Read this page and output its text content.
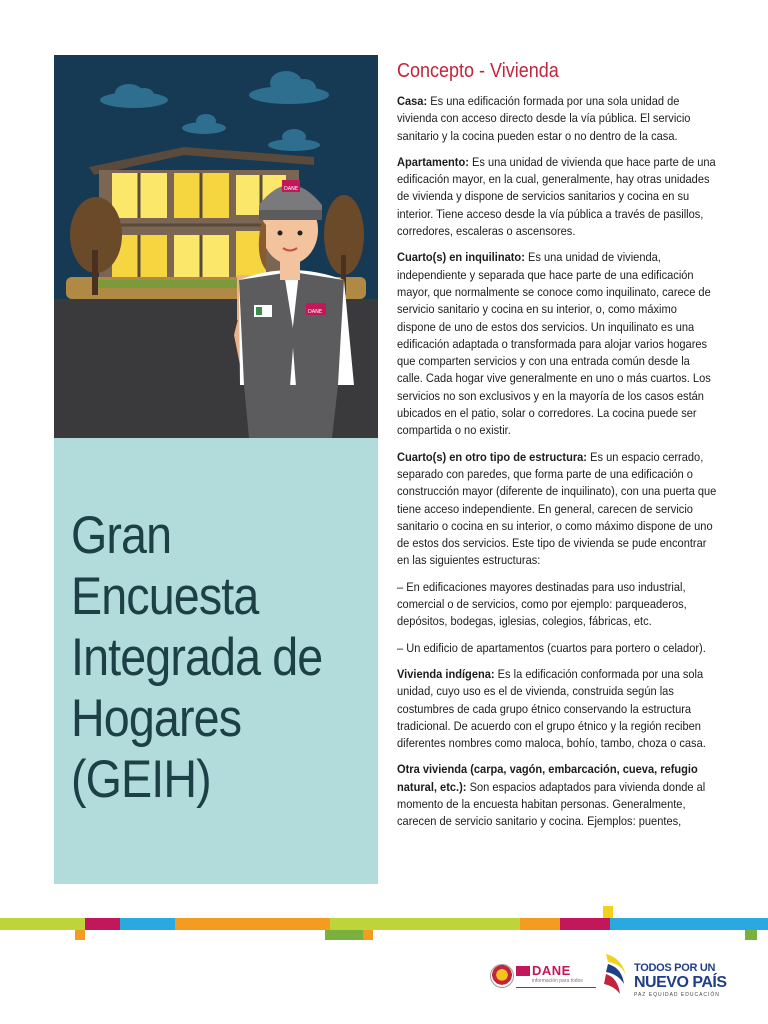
DANE
DANE
Gran
Encuesta
Integrada de
Hogares
(GEIH)
Concepto - Vivienda

Casa: Es una edificación formada por una sola unidad de vivienda con acceso directo desde la vía pública. El servicio sanitario y la cocina pueden estar o no dentro de la casa.

Apartamento: Es una unidad de vivienda que hace parte de una edificación mayor, en la cual, generalmente, hay otras unidades de vivienda y dispone de servicios sanitarios y cocina en su interior. Tiene acceso desde la vía pública a través de pasillos, corredores, escaleras o ascensores.

Cuarto(s) en inquilinato: Es una unidad de vivienda, independiente y separada que hace parte de una edificación mayor, que normalmente se conoce como inquilinato, carece de servicio sanitario y cocina en su interior, o, como máximo dispone de uno de estos dos servicios. Un inquilinato es una edificación adaptada o transformada para alojar varios hogares que comparten servicios y con una entrada común desde la calle. Cada hogar vive generalmente en uno o más cuartos. Los servicios no son exclusivos y en la mayoría de los casos están ubicados en el patio, solar o corredores. La cocina puede ser compartida o no existir.

Cuarto(s) en otro tipo de estructura: Es un espacio cerrado, separado con paredes, que forma parte de una edificación o construcción mayor (diferente de inquilinato), con una puerta que tiene acceso independiente. En general, carecen de servicio sanitario o cocina en su interior, o como máximo dispone de uno de estos dos servicios. Este tipo de vivienda se pude encontrar en las siguientes estructuras:

– En edificaciones mayores destinadas para uso industrial, comercial o de servicios, como por ejemplo: parqueaderos, depósitos, bodegas, iglesias, colegios, fábricas, etc.

– Un edificio de apartamentos (cuartos para portero o celador).

Vivienda indígena: Es la edificación conformada por una sola unidad, cuyo uso es el de vivienda, construida según las costumbres de cada grupo étnico conservando la estructura tradicional. De acuerdo con el grupo étnico y la región reciben diferentes nombres como maloca, bohío, tambo, choza o casa.

Otra vivienda (carpa, vagón, embarcación, cueva, refugio natural, etc.): Son espacios adaptados para vivienda donde al momento de la encuesta habitan personas. Generalmente, carecen de servicio sanitario y cocina. Ejemplos: puentes,

DANE
información para todos
TODOS POR UN
NUEVO PAÍS
PAZ EQUIDAD EDUCACIÓN
